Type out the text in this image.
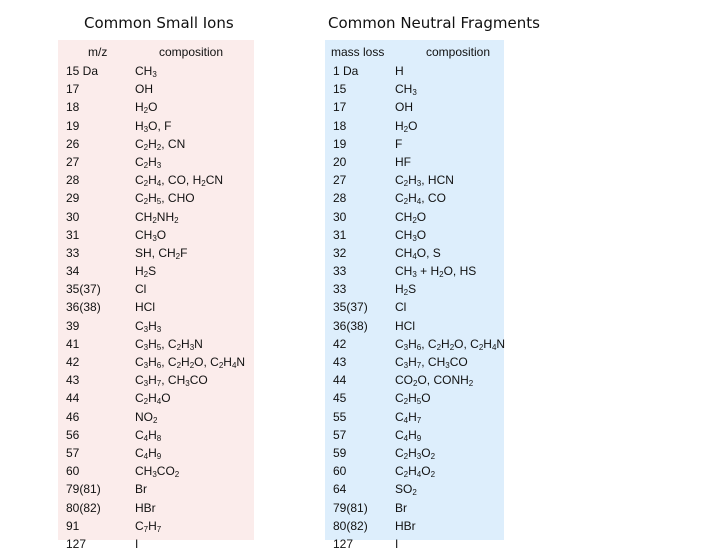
Common Small Ions	Common Neutral Fragments
m/z	composition
15 Da	$CH_3$
17	OH
18	$H_2O$
19	$H_3O$, F
26	$C_2H_2$, CN
27	$C_2H_3$
28	$C_2H_4$, CO, $H_2CN$
29	$C_2H_5$, CHO
30	$CH_2NH_2$
31	$CH_3O$
33	SH, $CH_2F$
34	$H_2S$
35(37)	Cl
36(38)	HCl
39	$C_3H_3$
41	$C_3H_5$, $C_2H_3N$
42	$C_3H_6$, $C_2H_2O$, $C_2H_4N$
43	$C_3H_7$, $CH_3CO$
44	$C_2H_4O$
46	$NO_2$
56	$C_4H_8$
57	$C_4H_9$
60	$CH_3CO_2$
79(81)	Br
80(82)	HBr
91	$C_7H_7$
127	I
mass loss	composition
1 Da	H
15	$CH_3$
17	OH
18	$H_2O$
19	F
20	HF
27	$C_2H_3$, HCN
28	$C_2H_4$, CO
30	$CH_2O$
31	$CH_3O$
32	$CH_4O$, S
33	$CH_3 + H_2O$, HS
33	$H_2S$
35(37) Cl
36(38) HCl
42	$C_3H_6$, $C_2H_2O$, $C_2H_4N$
43	$C_3H_7$, $CH_3CO$
44	$CO_2O$, $CONH_2$
45	$C_2H_5O$
55	$C_4H_7$
57	$C_4H_9$
59	$C_2H_3O_2$
60	$C_2H_4O_2$
64	$SO_2$
79(81) Br
80(82) HBr
127	I
